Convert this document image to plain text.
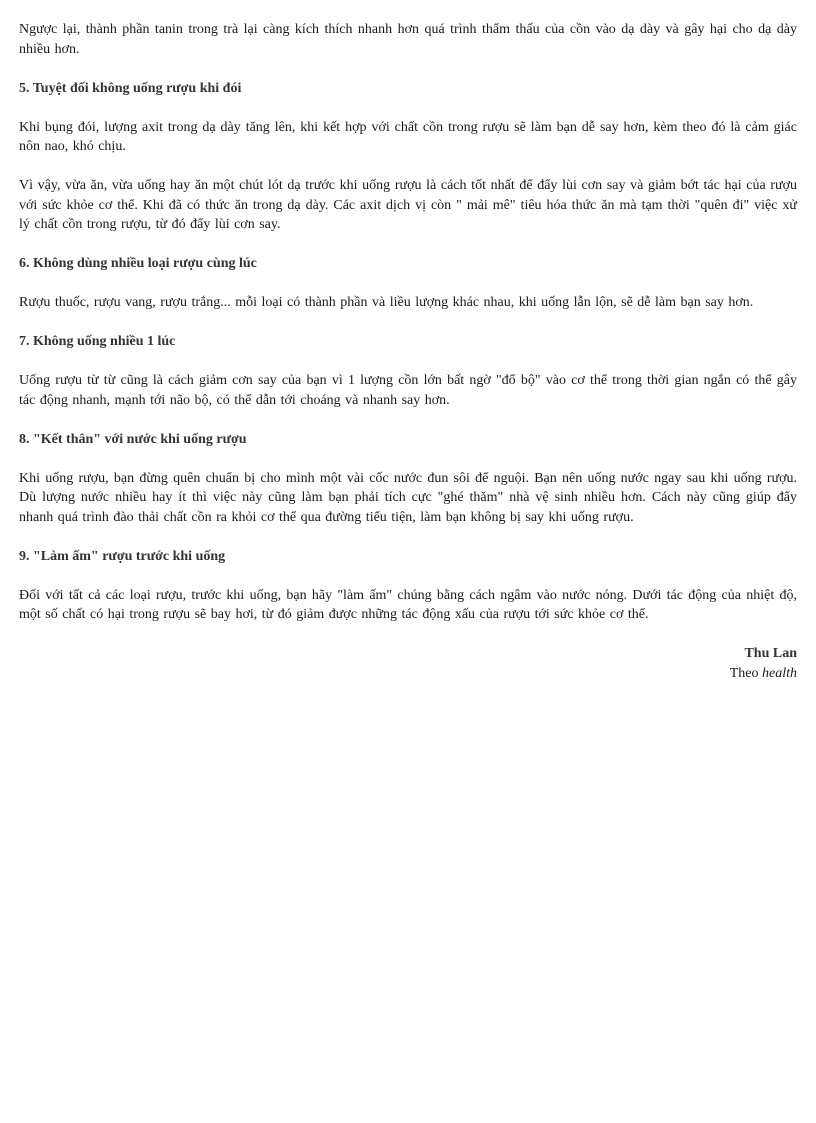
Ngược lại, thành phần tanin trong trà lại càng kích thích nhanh hơn quá trình thẩm thấu của cồn vào dạ dày và gây hại cho dạ dày nhiều hơn.

5. Tuyệt đối không uống rượu khi đói

Khi bụng đói, lượng axit trong dạ dày tăng lên, khi kết hợp với chất cồn trong rượu sẽ làm bạn dễ say hơn, kèm theo đó là cảm giác nôn nao, khó chịu.

Vì vậy, vừa ăn, vừa uống hay ăn một chút lót dạ trước khi uống rượu là cách tốt nhất để đẩy lùi cơn say và giảm bớt tác hại của rượu với sức khỏe cơ thể. Khi đã có thức ăn trong dạ dày. Các axit dịch vị còn " mải mê" tiêu hóa thức ăn mà tạm thời "quên đi" việc xử lý chất cồn trong rượu, từ đó đẩy lùi cơn say.

6. Không dùng nhiều loại rượu cùng lúc

Rượu thuốc, rượu vang, rượu trắng... mỗi loại có thành phần và liều lượng khác nhau, khi uống lẫn lộn, sẽ dễ làm bạn say hơn.

7. Không uống nhiều 1 lúc

Uống rượu từ từ cũng là cách giảm cơn say của bạn vì 1 lượng cồn lớn bất ngờ "đổ bộ" vào cơ thể trong thời gian ngắn có thể gây tác động nhanh, mạnh tới não bộ, có thể dẫn tới choáng và nhanh say hơn.

8. "Kết thân" với nước khi uống rượu

Khi uống rượu, bạn đừng quên chuẩn bị cho mình một vài cốc nước đun sôi để nguội. Bạn nên uống nước ngay sau khi uống rượu. Dù lượng nước nhiều hay ít thì việc này cũng làm bạn phải tích cực "ghé thăm" nhà vệ sinh nhiều hơn. Cách này cũng giúp đẩy nhanh quá trình đào thải chất cồn ra khỏi cơ thể qua đường tiểu tiện, làm bạn không bị say khi uống rượu.

9. "Làm ấm" rượu trước khi uống

Đối với tất cả các loại rượu, trước khi uống, bạn hãy "làm ấm" chúng bằng cách ngâm vào nước nóng. Dưới tác động của nhiệt độ, một số chất có hại trong rượu sẽ bay hơi, từ đó giảm được những tác động xấu của rượu tới sức khỏe cơ thể.

Thu Lan
Theo health
